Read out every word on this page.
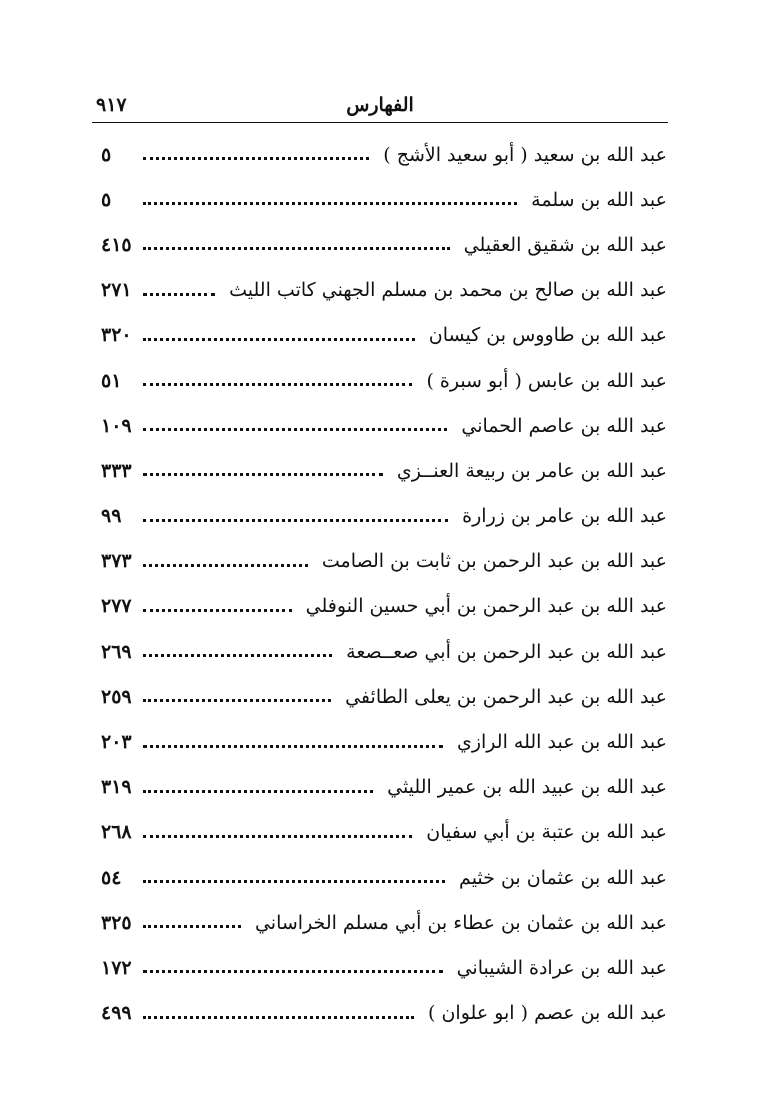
الفهارس
٩١٧
عبد الله بن سعيد ( أبو سعيد الأشج )
٥
عبد الله بن سلمة
٥
عبد الله بن شقيق العقيلي
٤١٥
عبد الله بن صالح بن محمد بن مسلم الجهني كاتب الليث
٢٧١
عبد الله بن طاووس بن كيسان
٣٢٠
عبد الله بن عابس ( أبو سبرة )
٥١
عبد الله بن عاصم الحماني
١٠٩
عبد الله بن عامر بن ربيعة العنــزي
٣٣٣
عبد الله بن عامر بن زرارة
٩٩
عبد الله بن عبد الرحمن بن ثابت بن الصامت
٣٧٣
عبد الله بن عبد الرحمن بن أبي حسين النوفلي
٢٧٧
عبد الله بن عبد الرحمن بن أبي صعــصعة
٢٦٩
عبد الله بن عبد الرحمن بن يعلى الطائفي
٢٥٩
عبد الله بن عبد الله الرازي
٢٠٣
عبد الله بن عبيد الله بن عمير الليثي
٣١٩
عبد الله بن عتبة بن أبي سفيان
٢٦٨
عبد الله بن عثمان بن خثيم
٥٤
عبد الله بن عثمان بن عطاء بن أبي مسلم الخراساني
٣٢٥
عبد الله بن عرادة الشيباني
١٧٢
عبد الله بن عصم ( ابو علوان )
٤٩٩
